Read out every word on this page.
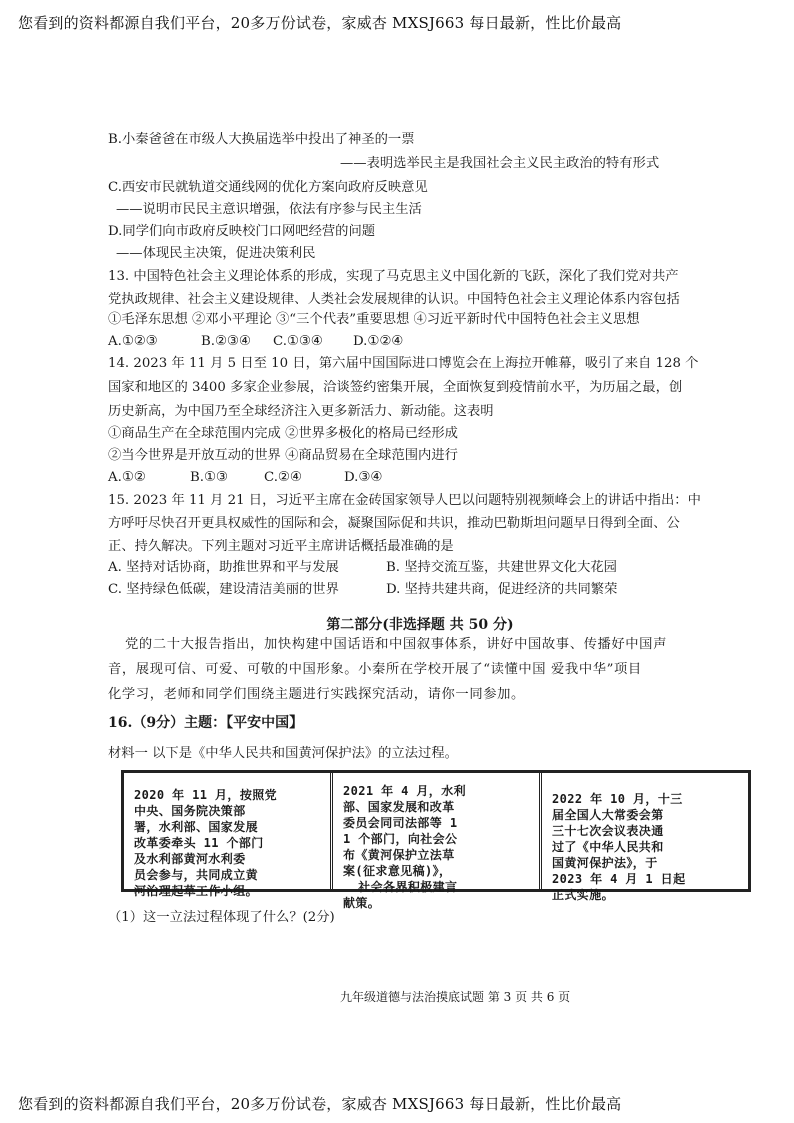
您看到的资料都源自我们平台，20多万份试卷，家威杏 MXSJ663 每日最新，性比价最高
B.小秦爸爸在市级人大换届选举中投出了神圣的一票
——表明选举民主是我国社会主义民主政治的特有形式
C.西安市民就轨道交通线网的优化方案向政府反映意见
——说明市民民主意识增强，依法有序参与民主生活
D.同学们向市政府反映校门口网吧经营的问题
——体现民主决策，促进决策利民
13. 中国特色社会主义理论体系的形成，实现了马克思主义中国化新的飞跃，深化了我们党对共产
党执政规律、社会主义建设规律、人类社会发展规律的认识。中国特色社会主义理论体系内容包括
①毛泽东思想 ②邓小平理论 ③“三个代表”重要思想 ④习近平新时代中国特色社会主义思想
A.①②③	B.②③④	C.①③④	D.①②④
14. 2023 年 11 月 5 日至 10 日，第六届中国国际进口博览会在上海拉开帷幕，吸引了来自 128 个
国家和地区的 3400 多家企业参展，洽谈签约密集开展，全面恢复到疫情前水平，为历届之最，创
历史新高，为中国乃至全球经济注入更多新活力、新动能。这表明
①商品生产在全球范围内完成 ②世界多极化的格局已经形成
②当今世界是开放互动的世界 ④商品贸易在全球范围内进行
A.①②	B.①③	C.②④	D.③④
15. 2023 年 11 月 21 日，习近平主席在金砖国家领导人巴以问题特别视频峰会上的讲话中指出：中
方呼吁尽快召开更具权威性的国际和会，凝聚国际促和共识，推动巴勒斯坦问题早日得到全面、公
正、持久解决。下列主题对习近平主席讲话概括最准确的是
A. 坚持对话协商，助推世界和平与发展	B. 坚持交流互鉴，共建世界文化大花园
C. 坚持绿色低碳，建设清洁美丽的世界	D. 坚持共建共商，促进经济的共同繁荣
第二部分(非选择题 共 50 分)
党的二十大报告指出，加快构建中国话语和中国叙事体系，讲好中国故事、传播好中国声
音，展现可信、可爱、可敬的中国形象。小秦所在学校开展了“读懂中国 爱我中华”项目
化学习，老师和同学们围绕主题进行实践探究活动，请你一同参加。
16.（9分）主题：【平安中国】
材料一 以下是《中华人民共和国黄河保护法》的立法过程。
2020 年 11 月，按照党
中央、国务院决策部
署，水利部、国家发展
改革委牵头 11 个部门
及水利部黄河水利委
员会参与，共同成立黄
河治理起草工作小组。
2021 年 4 月，水利
部、国家发展和改革
委员会同司法部等 1
1 个部门，向社会公
布《黄河保护立法草
案(征求意见稿)》，
社会各界积极建言
献策。
2022 年 10 月，十三
届全国人大常委会第
三十七次会议表决通
过了《中华人民共和
国黄河保护法》，于
2023 年 4 月 1 日起
正式实施。
（1）这一立法过程体现了什么？(2分)
九年级道德与法治摸底试题 第 3 页 共 6 页
您看到的资料都源自我们平台，20多万份试卷，家威杏 MXSJ663 每日最新，性比价最高
